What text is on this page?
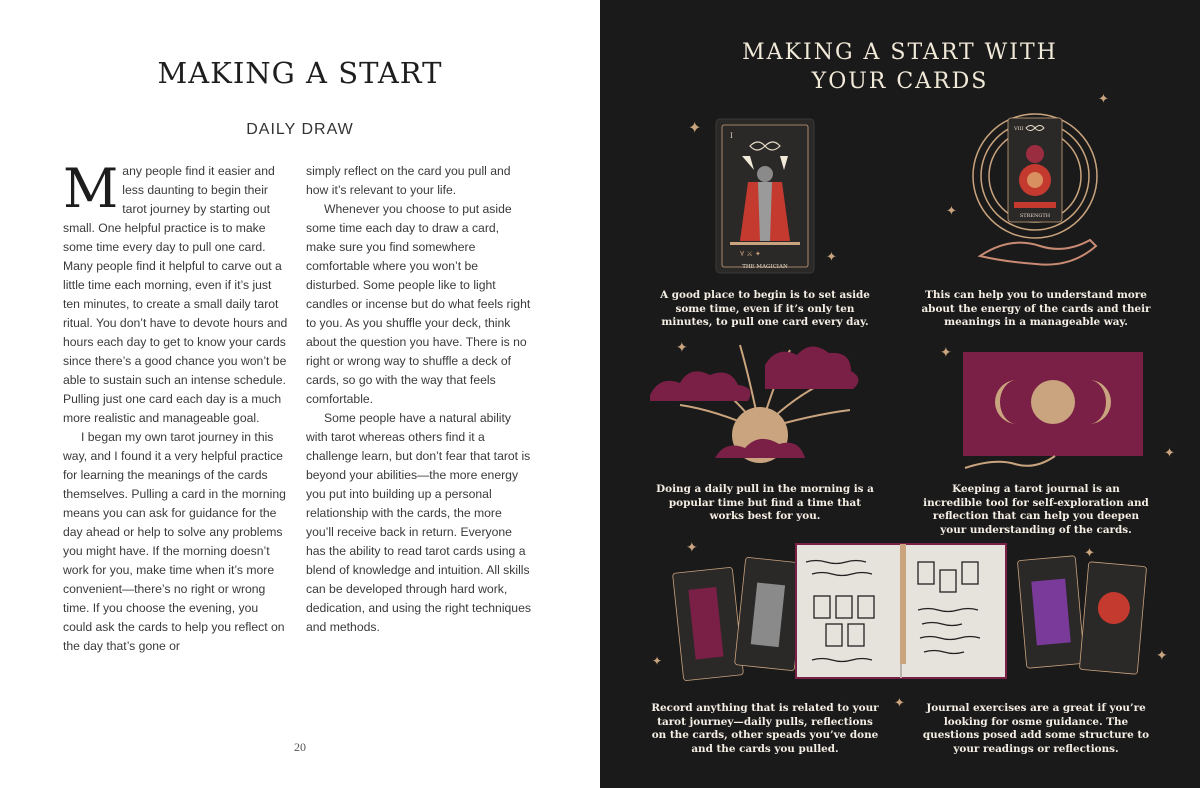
MAKING A START
DAILY DRAW

Many people find it easier and less daunting to begin their tarot journey by starting out small. One helpful practice is to make some time every day to pull one card. Many people find it helpful to carve out a little time each morning, even if it’s just ten minutes, to create a small daily tarot ritual. You don’t have to devote hours and hours each day to get to know your cards since there’s a good chance you won’t be able to sustain such an intense schedule. Pulling just one card each day is a much more realistic and manageable goal.

I began my own tarot journey in this way, and I found it a very helpful practice for learning the meanings of the cards themselves. Pulling a card in the morning means you can ask for guidance for the day ahead or help to solve any problems you might have. If the morning doesn’t work for you, make time when it’s more convenient—there’s no right or wrong time. If you choose the evening, you could ask the cards to help you reflect on the day that’s gone or

simply reflect on the card you pull and how it’s relevant to your life.

Whenever you choose to put aside some time each day to draw a card, make sure you find somewhere comfortable where you won’t be disturbed. Some people like to light candles or incense but do what feels right to you. As you shuffle your deck, think about the question you have. There is no right or wrong way to shuffle a deck of cards, so go with the way that feels comfortable.

Some people have a natural ability with tarot whereas others find it a challenge learn, but don’t fear that tarot is beyond your abilities—the more energy you put into building up a personal relationship with the cards, the more you’ll receive back in return. Everyone has the ability to read tarot cards using a blend of knowledge and intuition. All skills can be developed through hard work, dedication, and using the right techniques and methods.

20
MAKING A START WITH
YOUR CARDS
I
∀ ⚔ ✦
THE MAGICIAN
VIII
STRENGTH
✦
✦
✦
✦
✦	✦
✦
✦	✦
✦	✦
✦
A good place to begin is to set aside some time, even if it’s only ten minutes, to pull one card every day.
This can help you to understand more about the energy of the cards and their meanings in a manageable way.
Doing a daily pull in the morning is a popular time but find a time that works best for you.
Keeping a tarot journal is an incredible tool for self-exploration and reflection that can help you deepen your understanding of the cards.
Record anything that is related to your tarot journey—daily pulls, reflections on the cards, other speads you’ve done and the cards you pulled.
Journal exercises are a great if you’re looking for osme guidance. The questions posed add some structure to your readings or reflections.
